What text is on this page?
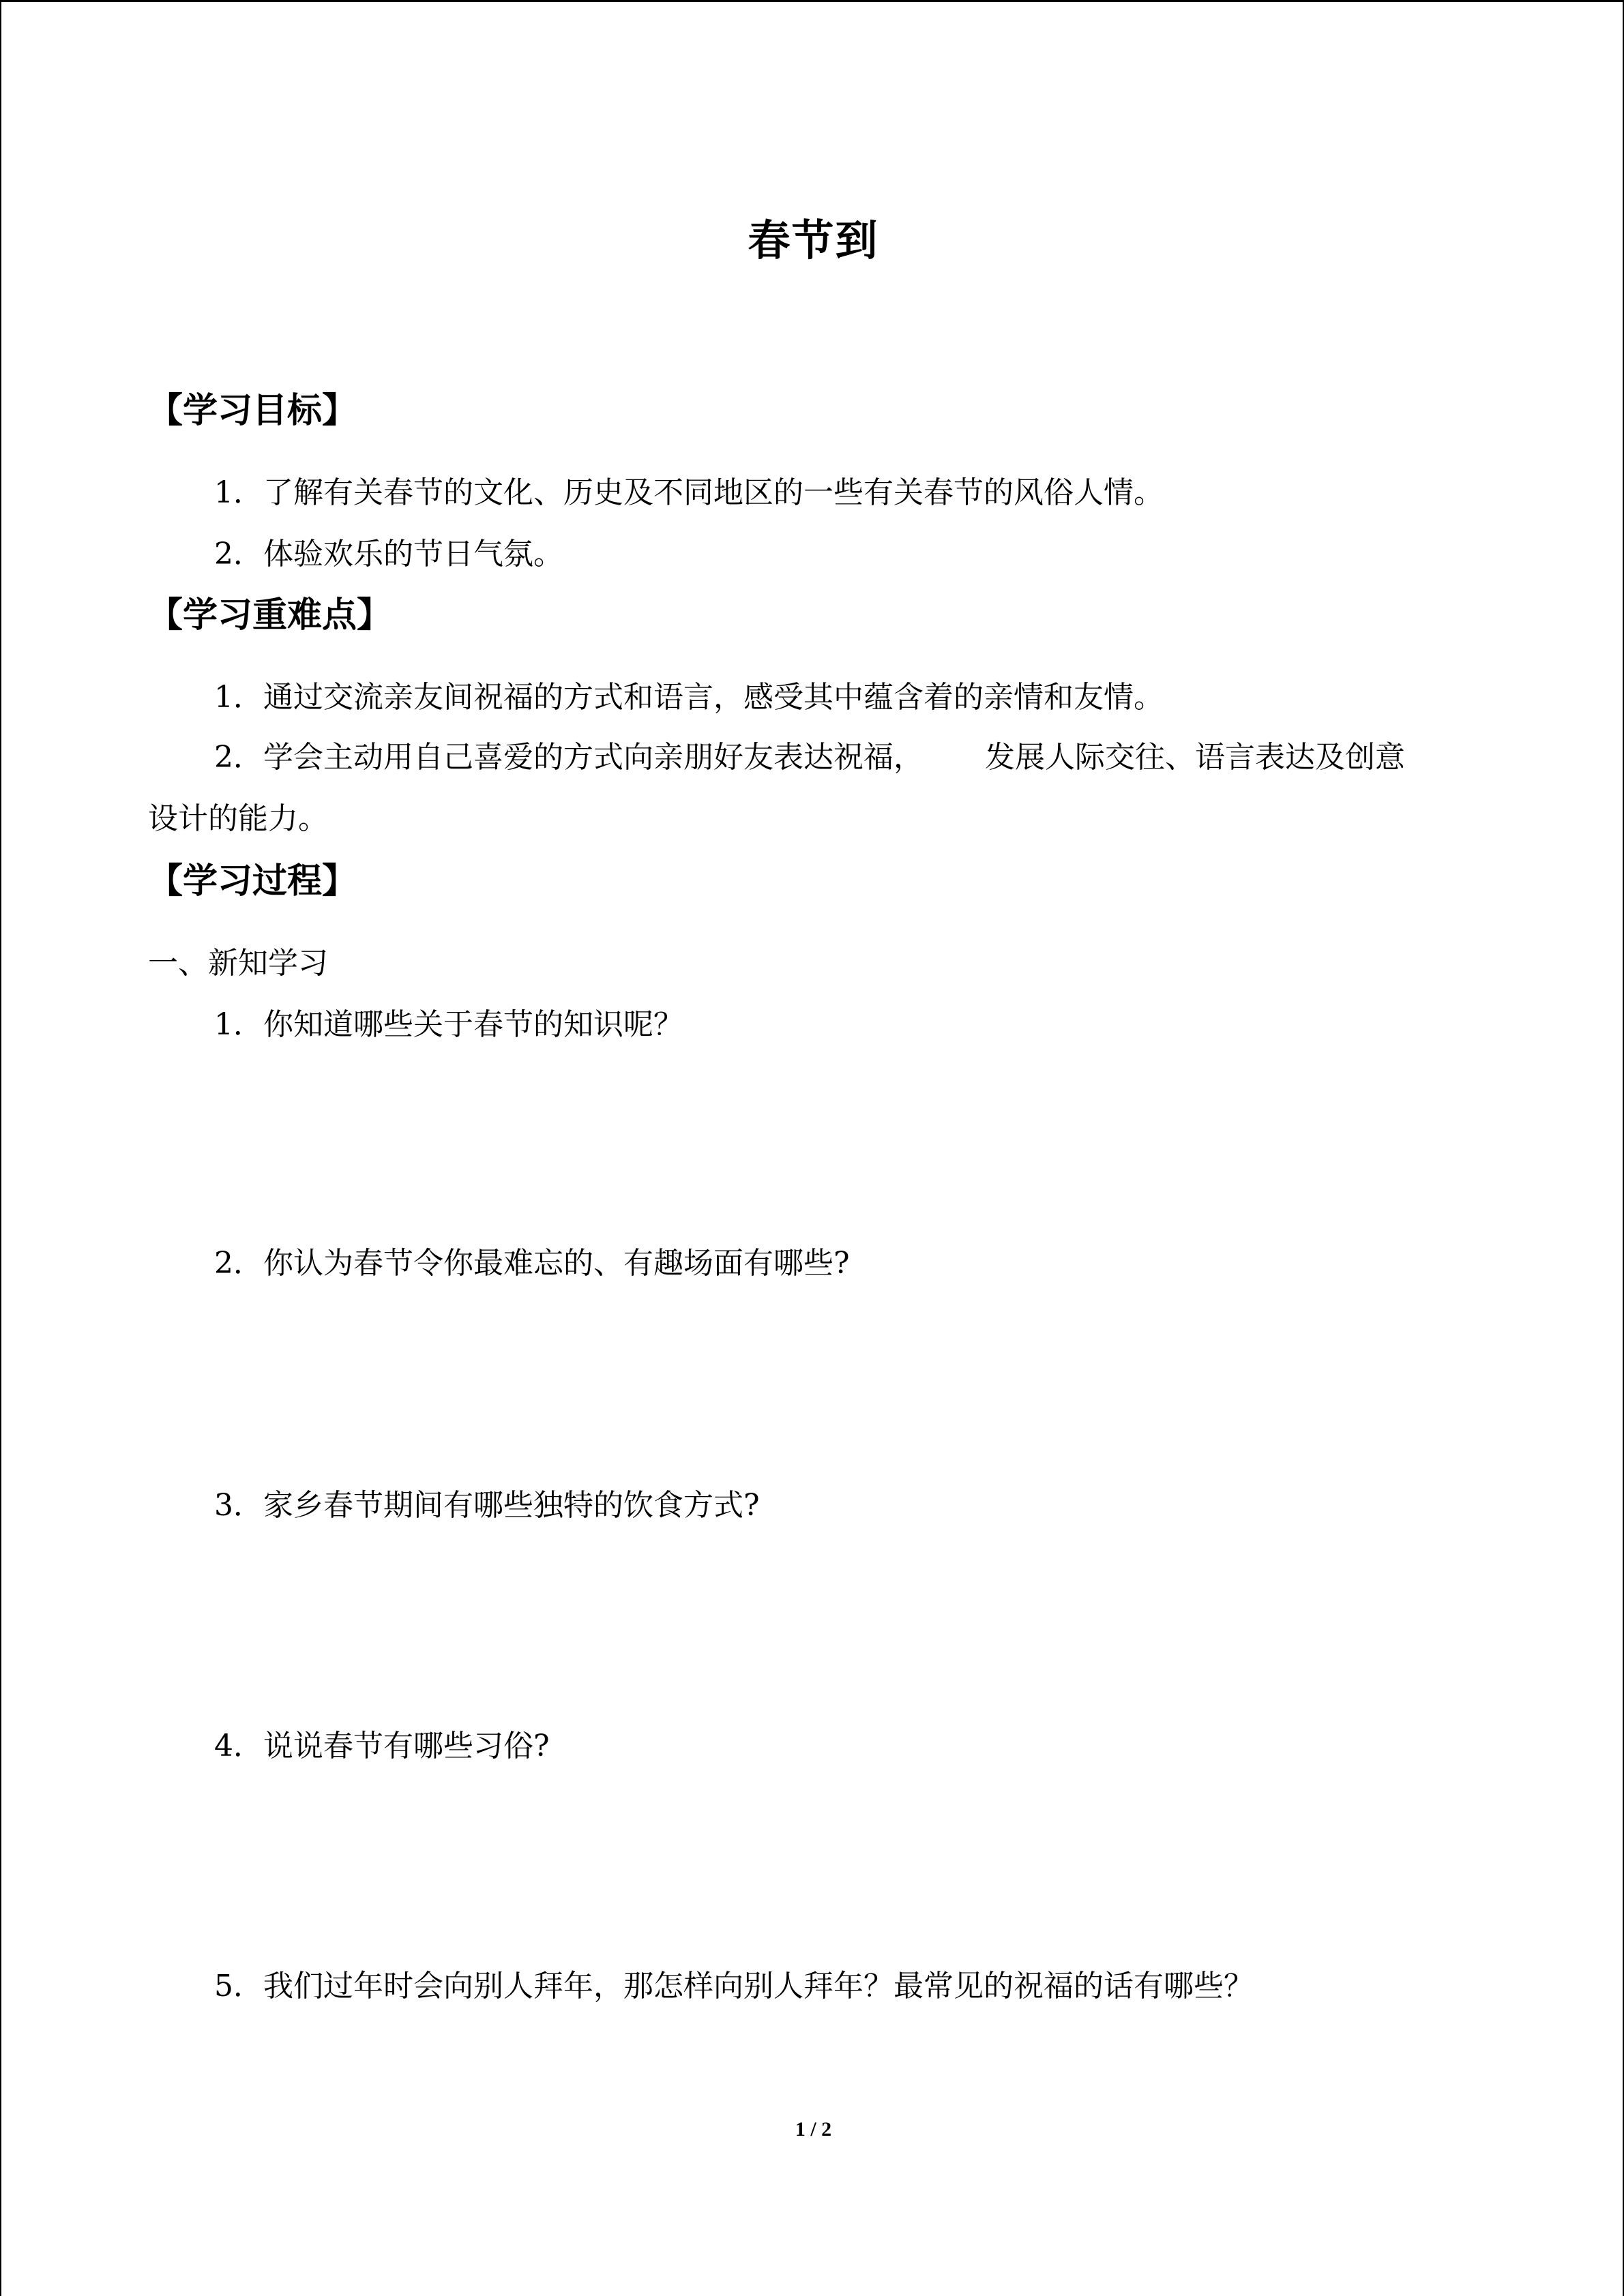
春节到
【学习目标】
1．了解有关春节的文化、历史及不同地区的一些有关春节的风俗人情。
2．体验欢乐的节日气氛。
【学习重难点】
1．通过交流亲友间祝福的方式和语言，感受其中蕴含着的亲情和友情。
2．学会主动用自己喜爱的方式向亲朋好友表达祝福， 发展人际交往、语言表达及创意
设计的能力。
【学习过程】
一、新知学习
1．你知道哪些关于春节的知识呢？
2．你认为春节令你最难忘的、有趣场面有哪些?
3．家乡春节期间有哪些独特的饮食方式?
4．说说春节有哪些习俗?
5．我们过年时会向别人拜年，那怎样向别人拜年？最常见的祝福的话有哪些？
1 / 2
